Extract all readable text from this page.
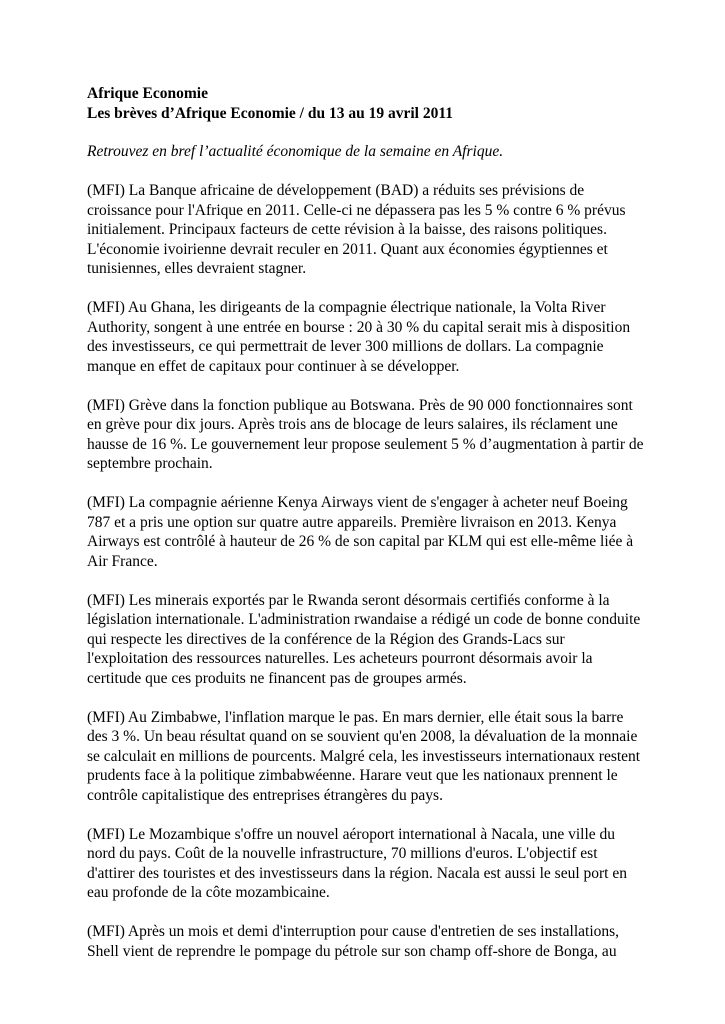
Afrique Economie
Les brèves d’Afrique Economie / du 13 au 19 avril 2011

Retrouvez en bref l’actualité économique de la semaine en Afrique.

(MFI) La Banque africaine de développement (BAD) a réduits ses prévisions de croissance pour l'Afrique en 2011. Celle-ci ne dépassera pas les 5 % contre 6 % prévus initialement. Principaux facteurs de cette révision à la baisse, des raisons politiques. L'économie ivoirienne devrait reculer en 2011. Quant aux économies égyptiennes et tunisiennes, elles devraient stagner.

(MFI) Au Ghana, les dirigeants de la compagnie électrique nationale, la Volta River Authority, songent à une entrée en bourse : 20 à 30 % du capital serait mis à disposition des investisseurs, ce qui permettrait de lever 300 millions de dollars. La compagnie manque en effet de capitaux pour continuer à se développer.

(MFI) Grève dans la fonction publique au Botswana. Près de 90 000 fonctionnaires sont en grève pour dix jours. Après trois ans de blocage de leurs salaires, ils réclament une hausse de 16 %. Le gouvernement leur propose seulement 5 % d’augmentation à partir de septembre prochain.

(MFI) La compagnie aérienne Kenya Airways vient de s'engager à acheter neuf Boeing 787 et a pris une option sur quatre autre appareils. Première livraison en 2013. Kenya Airways est contrôlé à hauteur de 26 % de son capital par KLM qui est elle-même liée à Air France.

(MFI) Les minerais exportés par le Rwanda seront désormais certifiés conforme à la législation internationale. L'administration rwandaise a rédigé un code de bonne conduite qui respecte les directives de la conférence de la Région des Grands-Lacs sur l'exploitation des ressources naturelles. Les acheteurs pourront désormais avoir la certitude que ces produits ne financent pas de groupes armés.

(MFI) Au Zimbabwe, l'inflation marque le pas. En mars dernier, elle était sous la barre des 3 %. Un beau résultat quand on se souvient qu'en 2008, la dévaluation de la monnaie se calculait en millions de pourcents. Malgré cela, les investisseurs internationaux restent prudents face à la politique zimbabwéenne. Harare veut que les nationaux prennent le contrôle capitalistique des entreprises étrangères du pays.

(MFI) Le Mozambique s'offre un nouvel aéroport international à Nacala, une ville du nord du pays. Coût de la nouvelle infrastructure, 70 millions d'euros. L'objectif est d'attirer des touristes et des investisseurs dans la région. Nacala est aussi le seul port en eau profonde de la côte mozambicaine.

(MFI) Après un mois et demi d'interruption pour cause d'entretien de ses installations, Shell vient de reprendre le pompage du pétrole sur son champ off-shore de Bonga, au
